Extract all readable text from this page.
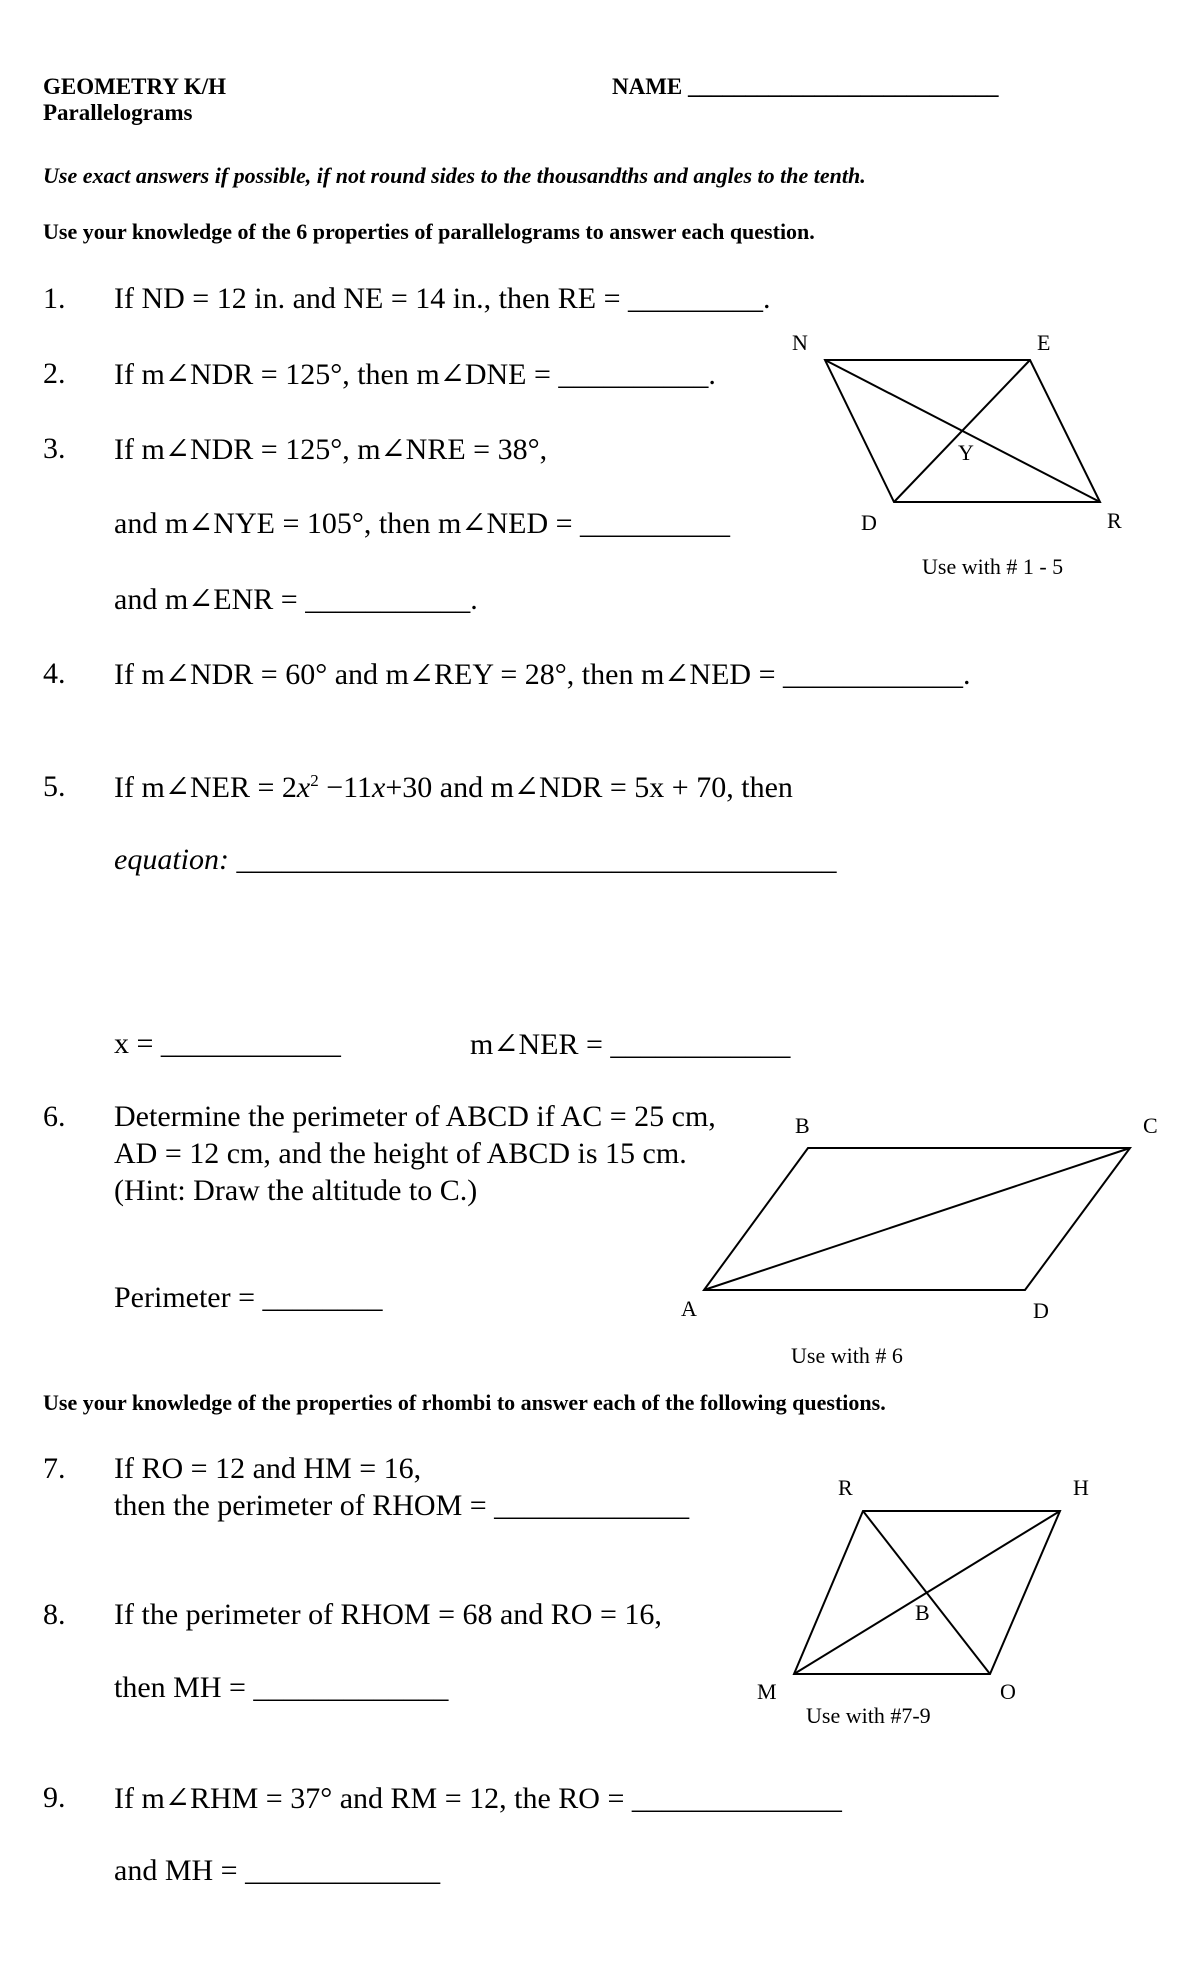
GEOMETRY K/H
Parallelograms
NAME ___________________________
Use exact answers if possible, if not round sides to the thousandths and angles to the tenth.
Use your knowledge of the 6 properties of parallelograms to answer each question.
1. If ND = 12 in. and NE = 14 in., then RE = _________.
2. If m∠NDR = 125°, then m∠DNE = __________.
3. If m∠NDR = 125°, m∠NRE = 38°,
and m∠NYE = 105°, then m∠NED = __________
and m∠ENR = ___________.
N	E
Y
D	R
Use with # 1 - 5
4. If m∠NDR = 60° and m∠REY = 28°, then m∠NED = ____________.
5. If m∠NER = $2x^2 -11x+30$ and m∠NDR = 5x + 70, then
equation: ________________________________________
x = ____________	m∠NER = ____________
6. Determine the perimeter of ABCD if AC = 25 cm,
AD = 12 cm, and the height of ABCD is 15 cm.
(Hint: Draw the altitude to C.)
Perimeter = ________
B	C
A	D
Use with # 6
Use your knowledge of the properties of rhombi to answer each of the following questions.
7. If RO = 12 and HM = 16,
then the perimeter of RHOM = _____________
8. If the perimeter of RHOM = 68 and RO = 16,
then MH = _____________
R	H
B
M	O
Use with #7-9
9. If m∠RHM = 37° and RM = 12, the RO = ______________
and MH = _____________
